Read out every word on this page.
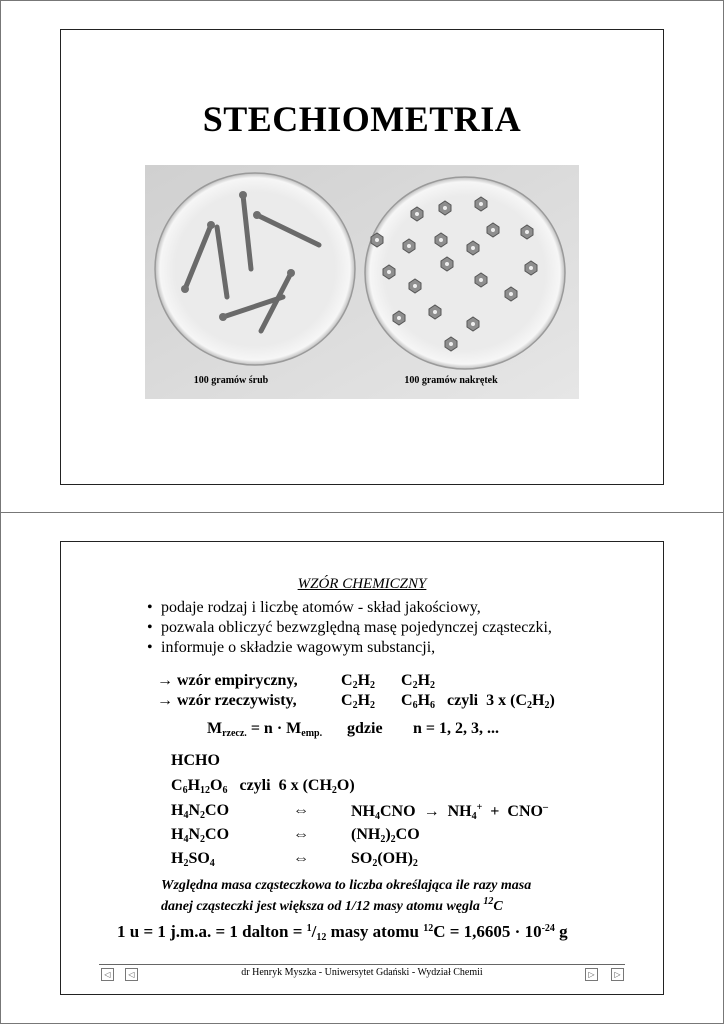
STECHIOMETRIA
100 gramów śrub	100 gramów nakrętek
WZÓR CHEMICZNY
• podaje rodzaj i liczbę atomów - skład jakościowy,
• pozwala obliczyć bezwzględną masę pojedynczej cząsteczki,
• informuje o składzie wagowym substancji,
→ wzór empiryczny,	$C_2H_2$ $C_2H_2$
→ wzór rzeczywisty,	$C_2H_2$ $C_6H_6$ czyli 3 x $(C_2H_2)$
$M_{rzecz.} = n \cdot M_{emp.}$ gdzie n = 1, 2, 3, ...
HCHO
$C_6H_{12}O_6$ czyli 6 x $(CH_2O)$
$H_4N_2CO$	⇔	$NH_4CNO \to NH_4^+ + CNO^-$
$H_4N_2CO$	⇔	$(NH_2)_2CO$
$H_2SO_4$	⇔	$SO_2(OH)_2$
Względna masa cząsteczkowa to liczba określająca ile razy masa
danej cząsteczki jest większa od 1/12 masy atomu węgla $^{12}$C
1 u = 1 j.m.a. = 1 dalton = $^1/_{12}$ masy atomu $^{12}C = 1,6605 \cdot 10^{-24}$ g
◁	◁	dr Henryk Myszka - Uniwersytet Gdański - Wydział Chemii	▷	▷
